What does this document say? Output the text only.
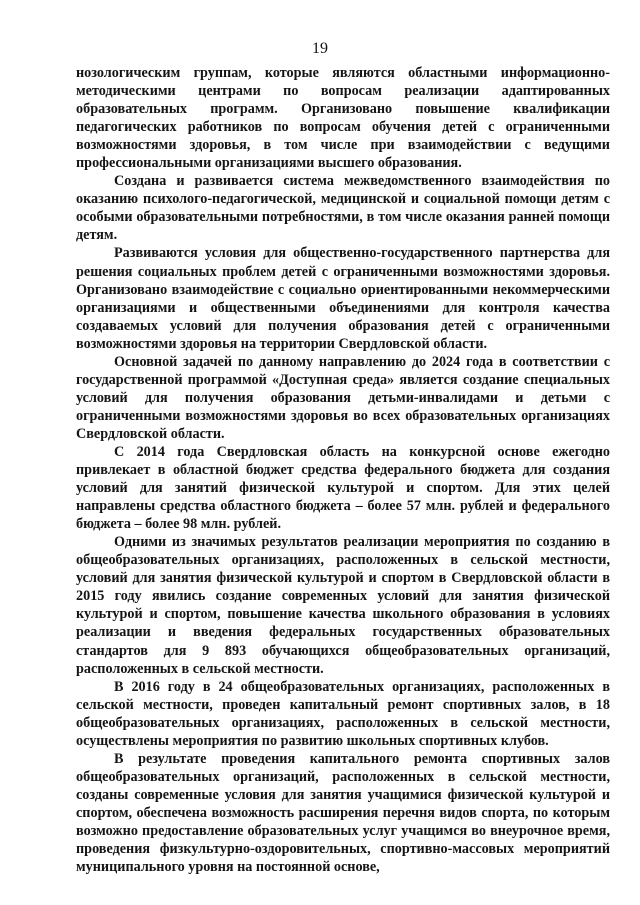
19

нозологическим группам, которые являются областными информационно-методическими центрами по вопросам реализации адаптированных образовательных программ. Организовано повышение квалификации педагогических работников по вопросам обучения детей с ограниченными возможностями здоровья, в том числе при взаимодействии с ведущими профессиональными организациями высшего образования.

Создана и развивается система межведомственного взаимодействия по оказанию психолого-педагогической, медицинской и социальной помощи детям с особыми образовательными потребностями, в том числе оказания ранней помощи детям.

Развиваются условия для общественно-государственного партнерства для решения социальных проблем детей с ограниченными возможностями здоровья. Организовано взаимодействие с социально ориентированными некоммерческими организациями и общественными объединениями для контроля качества создаваемых условий для получения образования детей с ограниченными возможностями здоровья на территории Свердловской области.

Основной задачей по данному направлению до 2024 года в соответствии с государственной программой «Доступная среда» является создание специальных условий для получения образования детьми-инвалидами и детьми с ограниченными возможностями здоровья во всех образовательных организациях Свердловской области.

С 2014 года Свердловская область на конкурсной основе ежегодно привлекает в областной бюджет средства федерального бюджета для создания условий для занятий физической культурой и спортом. Для этих целей направлены средства областного бюджета – более 57 млн. рублей и федерального бюджета – более 98 млн. рублей.

Одними из значимых результатов реализации мероприятия по созданию в общеобразовательных организациях, расположенных в сельской местности, условий для занятия физической культурой и спортом в Свердловской области в 2015 году явились создание современных условий для занятия физической культурой и спортом, повышение качества школьного образования в условиях реализации и введения федеральных государственных образовательных стандартов для 9 893 обучающихся общеобразовательных организаций, расположенных в сельской местности.

В 2016 году в 24 общеобразовательных организациях, расположенных в сельской местности, проведен капитальный ремонт спортивных залов, в 18 общеобразовательных организациях, расположенных в сельской местности, осуществлены мероприятия по развитию школьных спортивных клубов.

В результате проведения капитального ремонта спортивных залов общеобразовательных организаций, расположенных в сельской местности, созданы современные условия для занятия учащимися физической культурой и спортом, обеспечена возможность расширения перечня видов спорта, по которым возможно предоставление образовательных услуг учащимся во внеурочное время, проведения физкультурно-оздоровительных, спортивно-массовых мероприятий муниципального уровня на постоянной основе,
